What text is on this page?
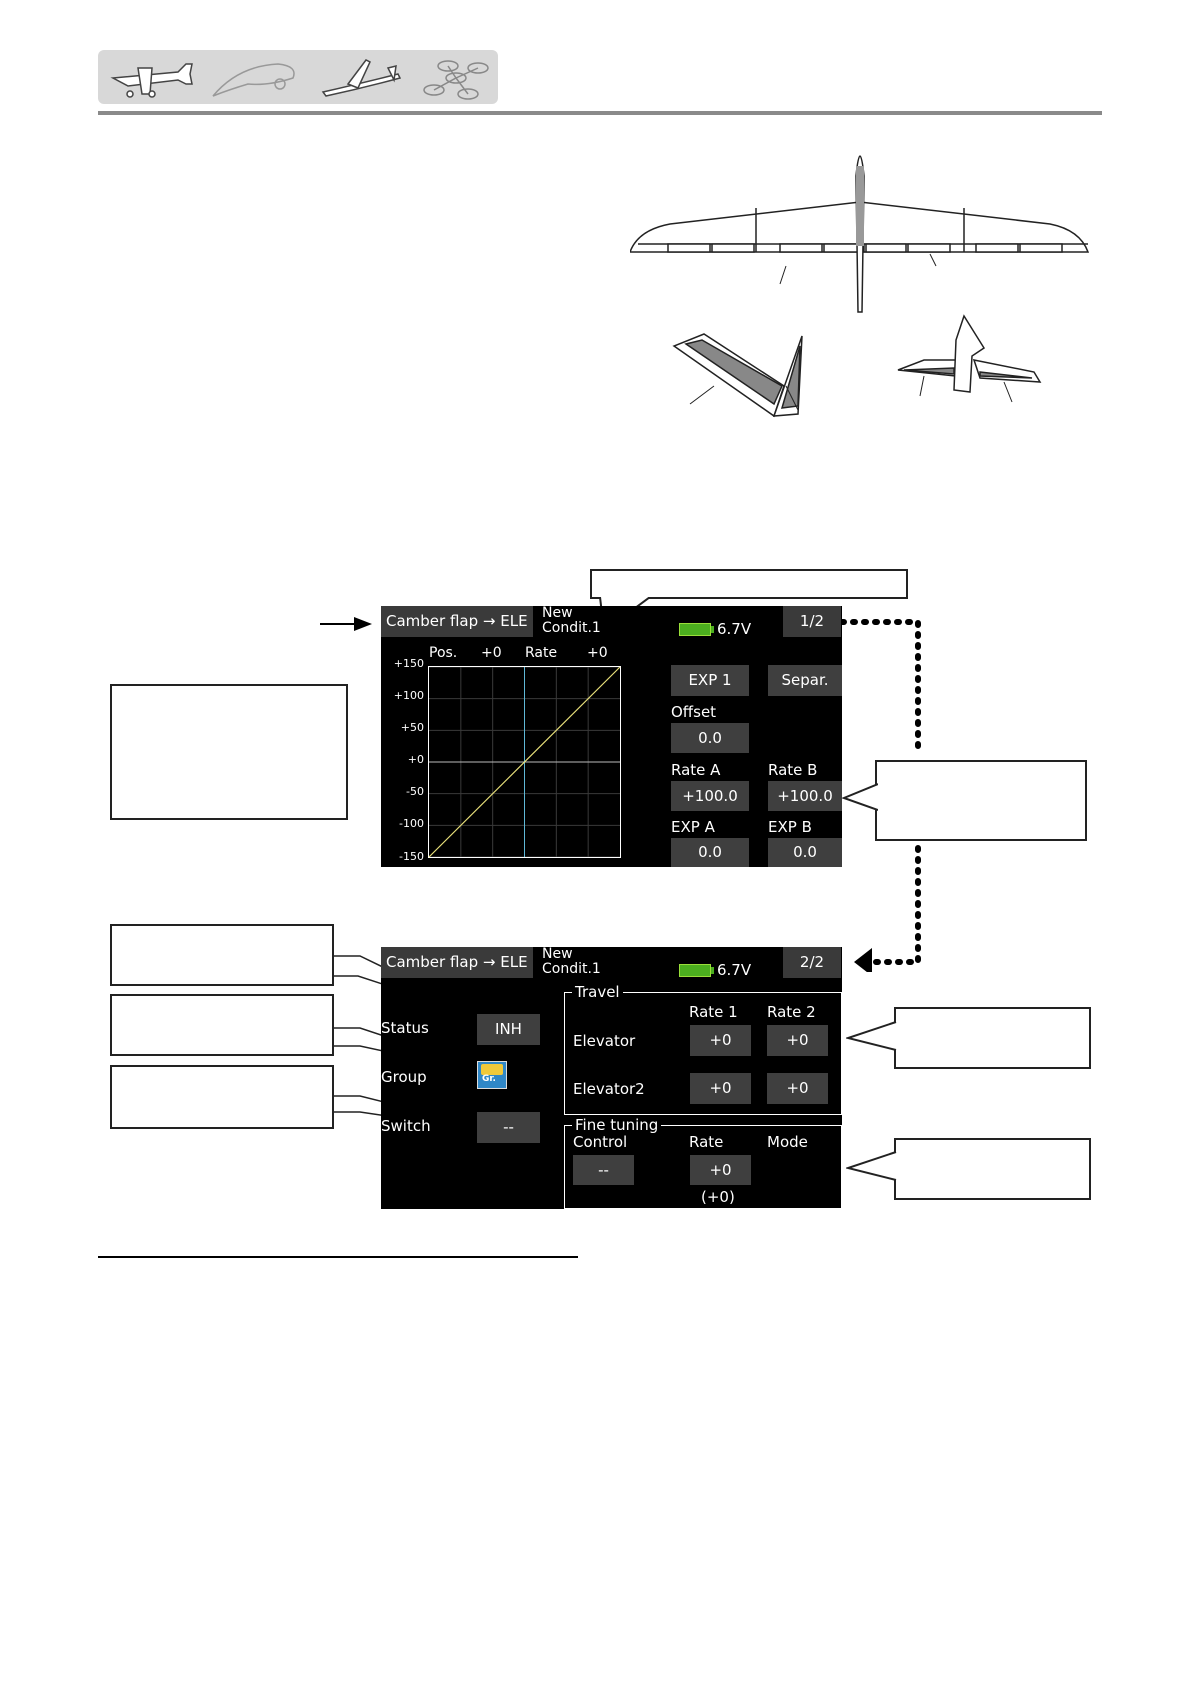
Camber flap → ELE	New
Condit.1	6.7V	1/2
Pos. +0 Rate +0
+150
+100
+50
+0
-50
-100
-150
EXP 1	Separ.
Offset
0.0
Rate A	Rate B
+100.0	+100.0
EXP A	EXP B
0.0	0.0
Camber flap → ELE	New
Condit.1	6.7V	2/2
Status	INH
Group	Gr.
Switch	--
Travel
Rate 1 Rate 2
Elevator	+0	+0
Elevator2	+0	+0
Fine tuning
Control	Rate	Mode
--	+0
(+0)
